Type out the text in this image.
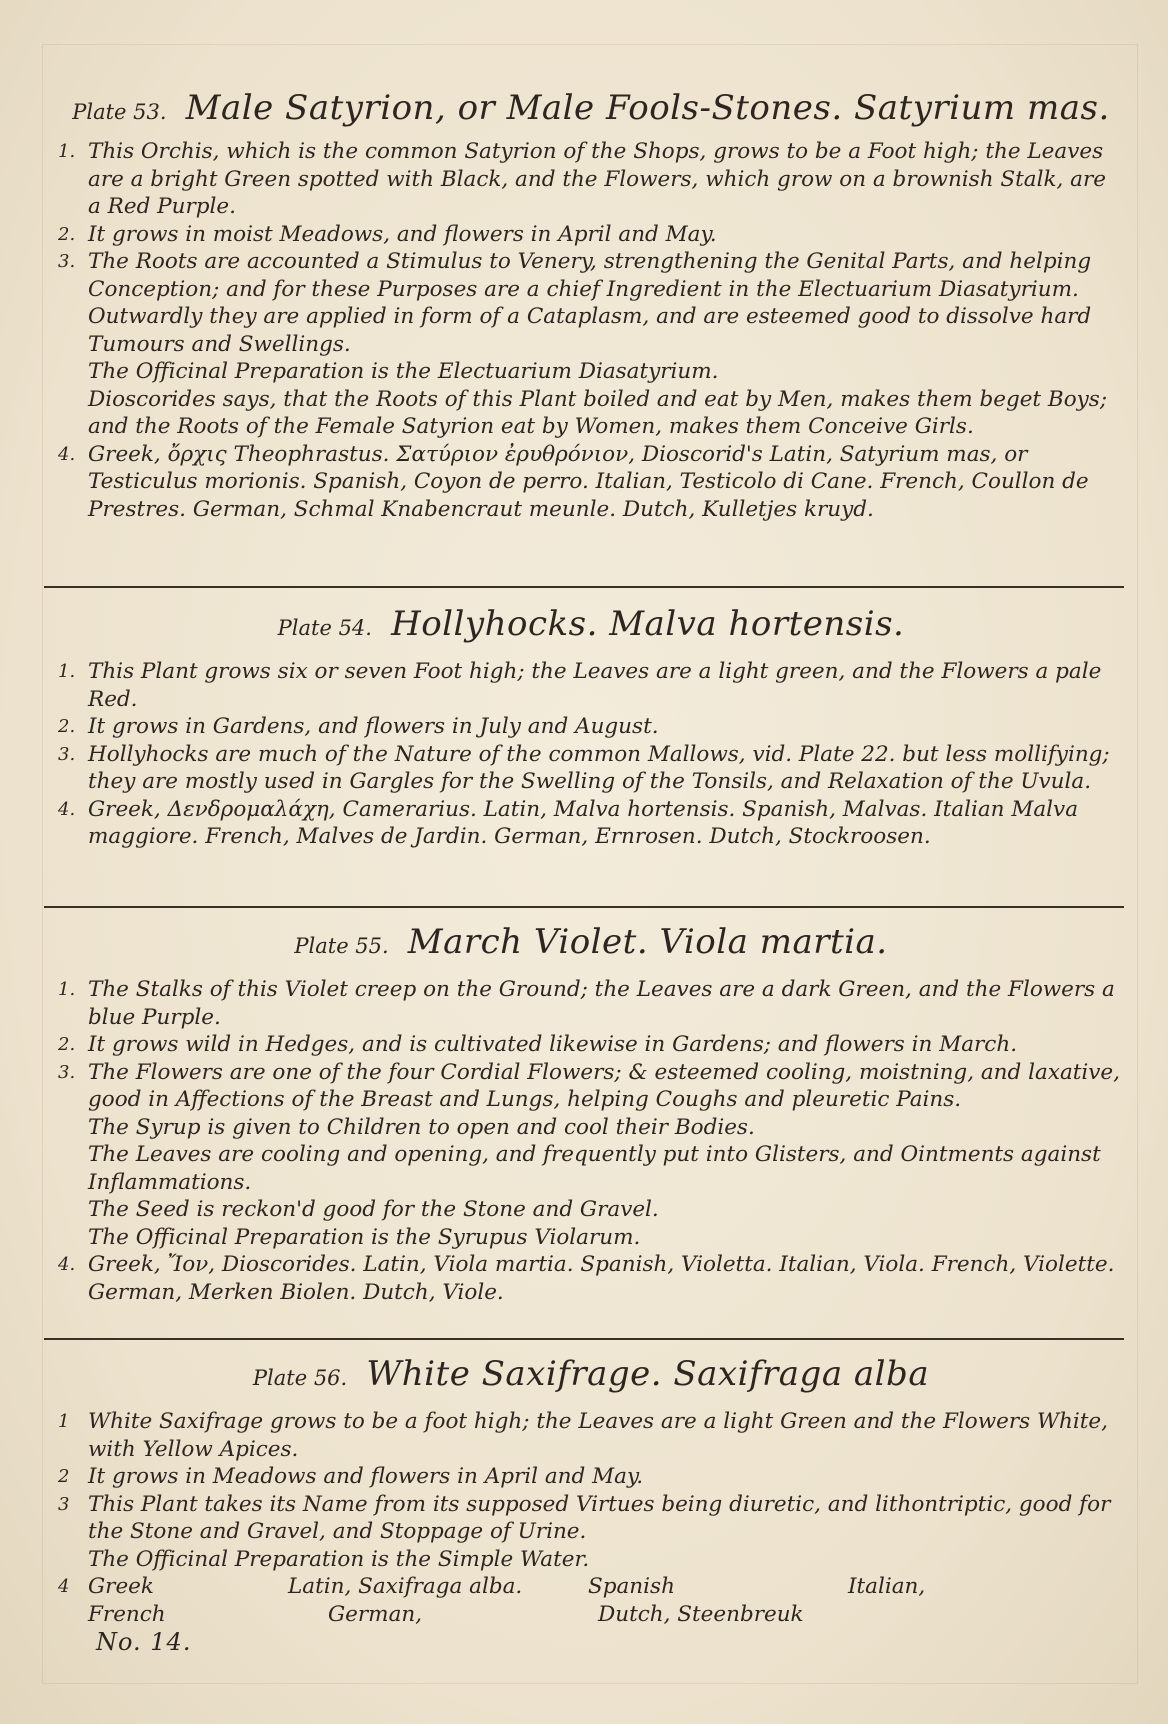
Plate 53. Male Satyrion, or Male Fools-Stones. Satyrium mas.

1. This Orchis, which is the common Satyrion of the Shops, grows to be a Foot high; the Leaves are a bright Green spotted with Black, and the Flowers, which grow on a brownish Stalk, are a Red Purple.

2. It grows in moist Meadows, and flowers in April and May.

3. The Roots are accounted a Stimulus to Venery, strengthening the Genital Parts, and helping Conception; and for these Purposes are a chief Ingredient in the Electuarium Diasatyrium.

Outwardly they are applied in form of a Cataplasm, and are esteemed good to dissolve hard Tumours and Swellings.

The Officinal Preparation is the Electuarium Diasatyrium.

Dioscorides says, that the Roots of this Plant boiled and eat by Men, makes them beget Boys; and the Roots of the Female Satyrion eat by Women, makes them Conceive Girls.

4. Greek, ὄρχις Theophrastus. Σατύριον ἐρυθρόνιον, Dioscorid's Latin, Satyrium mas, or Testiculus morionis. Spanish, Coyon de perro. Italian, Testicolo di Cane. French, Coullon de Prestres. German, Schmal Knabencraut meunle. Dutch, Kulletjes kruyd.

Plate 54. Hollyhocks. Malva hortensis.

1. This Plant grows six or seven Foot high; the Leaves are a light green, and the Flowers a pale Red.

2. It grows in Gardens, and flowers in July and August.

3. Hollyhocks are much of the Nature of the common Mallows, vid. Plate 22. but less mollifying; they are mostly used in Gargles for the Swelling of the Tonsils, and Relaxation of the Uvula.

4. Greek, Δενδρομαλάχη, Camerarius. Latin, Malva hortensis. Spanish, Malvas. Italian Malva maggiore. French, Malves de Jardin. German, Ernrosen. Dutch, Stockroosen.

Plate 55. March Violet. Viola martia.

1. The Stalks of this Violet creep on the Ground; the Leaves are a dark Green, and the Flowers a blue Purple.

2. It grows wild in Hedges, and is cultivated likewise in Gardens; and flowers in March.

3. The Flowers are one of the four Cordial Flowers; & esteemed cooling, moistning, and laxative, good in Affections of the Breast and Lungs, helping Coughs and pleuretic Pains.

The Syrup is given to Children to open and cool their Bodies.

The Leaves are cooling and opening, and frequently put into Glisters, and Ointments against Inflammations.

The Seed is reckon'd good for the Stone and Gravel.

The Officinal Preparation is the Syrupus Violarum.

4. Greek, Ἴον, Dioscorides. Latin, Viola martia. Spanish, Violetta. Italian, Viola. French, Violette. German, Merken Biolen. Dutch, Viole.

Plate 56. White Saxifrage. Saxifraga alba

1 White Saxifrage grows to be a foot high; the Leaves are a light Green and the Flowers White, with Yellow Apices.

2 It grows in Meadows and flowers in April and May.

3 This Plant takes its Name from its supposed Virtues being diuretic, and lithontriptic, good for the Stone and Gravel, and Stoppage of Urine.

The Officinal Preparation is the Simple Water.

4 Greek	Latin, Saxifraga alba.	Spanish	Italian,
French	German,	Dutch, Steenbreuk
No. 14.
